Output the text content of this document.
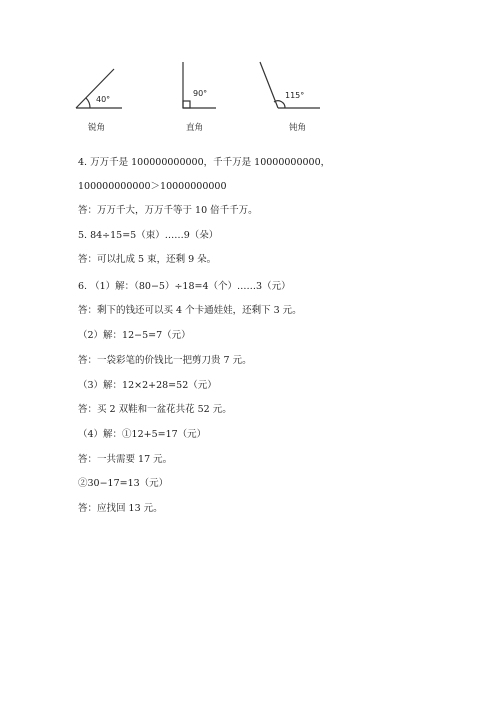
40°
锐角
90°
直角
115°
钝角
4. 万万千是 100000000000，千千万是 10000000000，
100000000000＞10000000000
答：万万千大，万万千等于 10 倍千千万。
5. 84÷15=5（束）……9（朵）
答：可以扎成 5 束，还剩 9 朵。
6. （1）解：（80−5）÷18=4（个）……3（元）
答：剩下的钱还可以买 4 个卡通娃娃，还剩下 3 元。
（2）解：12−5=7（元）
答：一袋彩笔的价钱比一把剪刀贵 7 元。
（3）解：12×2+28=52（元）
答：买 2 双鞋和一盆花共花 52 元。
（4）解：①12+5=17（元）
答：一共需要 17 元。
②30−17=13（元）
答：应找回 13 元。
